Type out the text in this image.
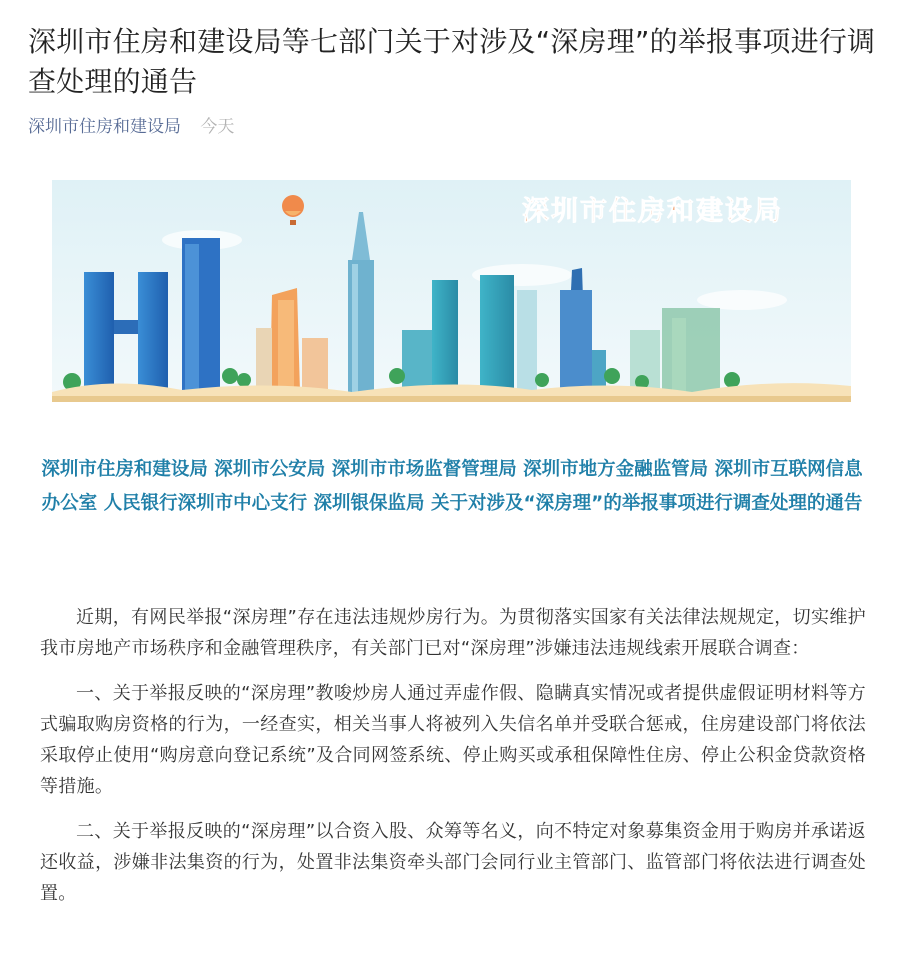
深圳市住房和建设局等七部门关于对涉及“深房理”的举报事项进行调查处理的通告
深圳市住房和建设局 今天
深圳市住房和建设局
深圳市住房和建设局 深圳市公安局 深圳市市场监督管理局 深圳市地方金融监管局 深圳市互联网信息办公室 人民银行深圳市中心支行 深圳银保监局 关于对涉及“深房理”的举报事项进行调查处理的通告

近期，有网民举报“深房理”存在违法违规炒房行为。为贯彻落实国家有关法律法规规定，切实维护我市房地产市场秩序和金融管理秩序，有关部门已对“深房理”涉嫌违法违规线索开展联合调查：

一、关于举报反映的“深房理”教唆炒房人通过弄虚作假、隐瞒真实情况或者提供虚假证明材料等方式骗取购房资格的行为，一经查实，相关当事人将被列入失信名单并受联合惩戒，住房建设部门将依法采取停止使用“购房意向登记系统”及合同网签系统、停止购买或承租保障性住房、停止公积金贷款资格等措施。

二、关于举报反映的“深房理”以合资入股、众筹等名义，向不特定对象募集资金用于购房并承诺返还收益，涉嫌非法集资的行为，处置非法集资牵头部门会同行业主管部门、监管部门将依法进行调查处置。
